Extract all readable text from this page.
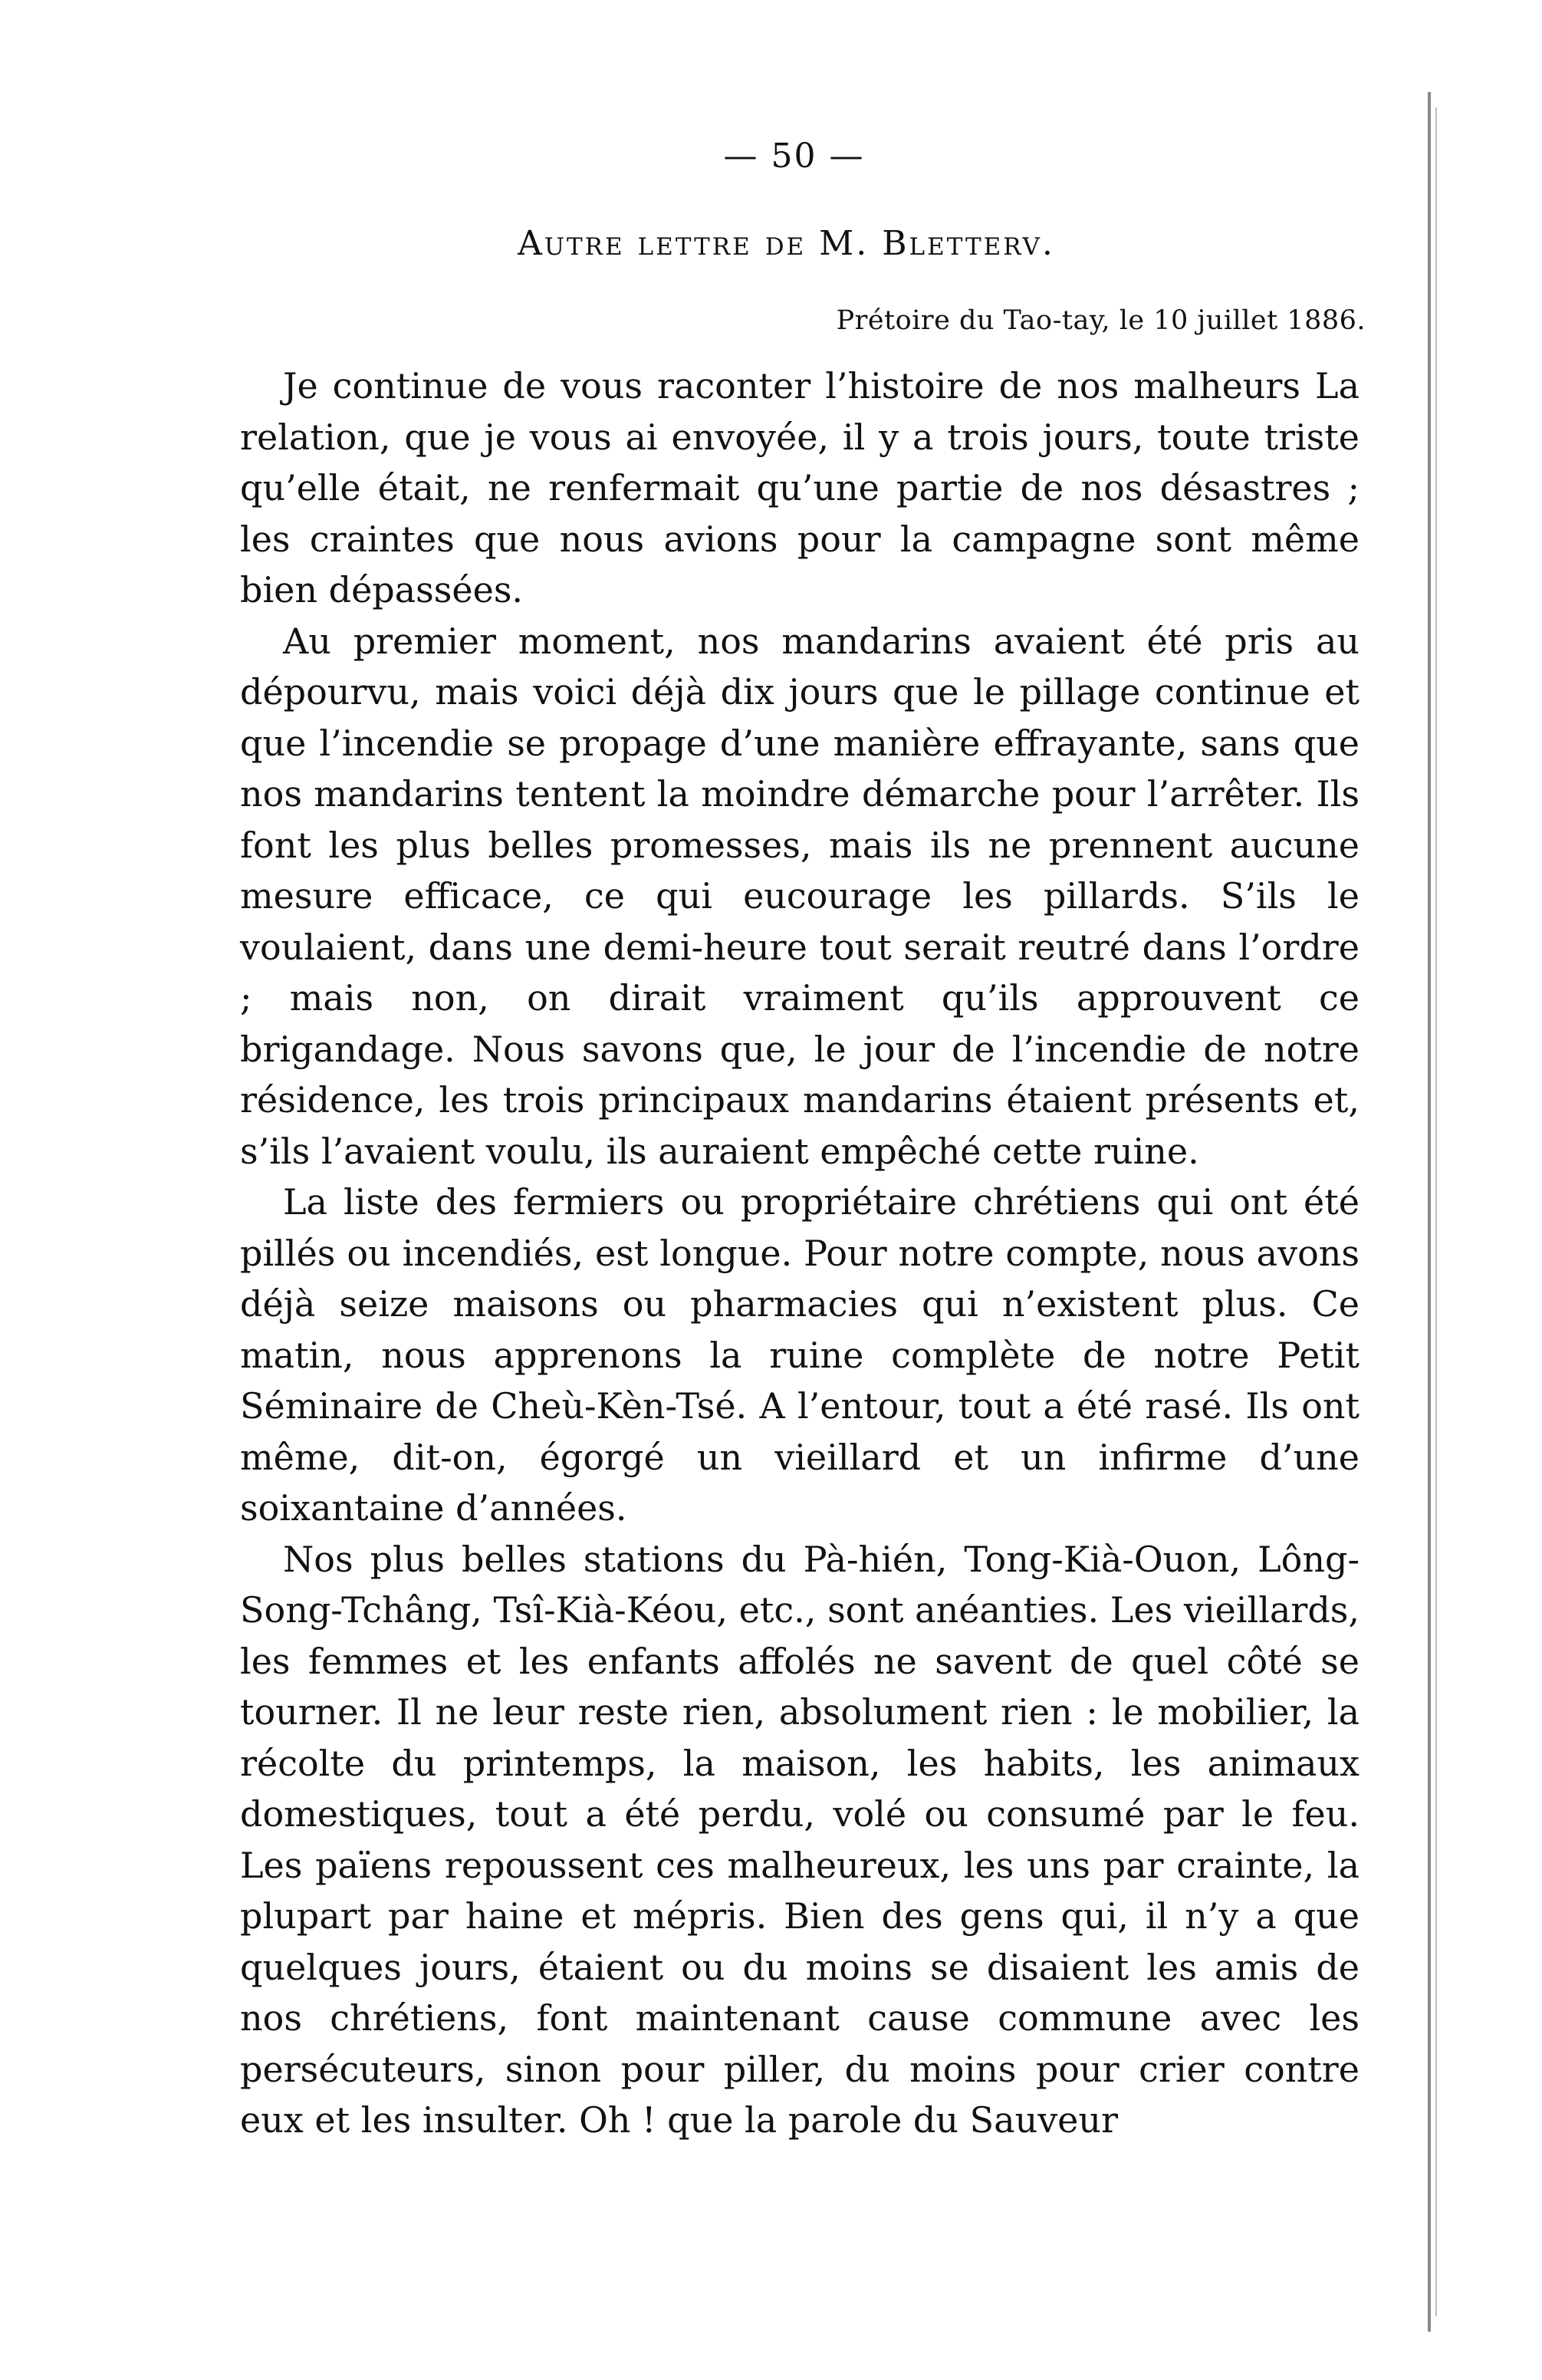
— 50 —
Autre lettre de M. Bletterv.
Prétoire du Tao-tay, le 10 juillet 1886.

Je continue de vous raconter l’histoire de nos malheurs La relation, que je vous ai envoyée, il y a trois jours, toute triste qu’elle était, ne renfermait qu’une partie de nos désastres ; les craintes que nous avions pour la campagne sont même bien dépassées.

Au premier moment, nos mandarins avaient été pris au dépourvu, mais voici déjà dix jours que le pillage continue et que l’incendie se propage d’une manière effrayante, sans que nos mandarins tentent la moindre démarche pour l’arrêter. Ils font les plus belles promesses, mais ils ne prennent aucune mesure efficace, ce qui eucourage les pillards. S’ils le voulaient, dans une demi-heure tout serait reutré dans l’ordre ; mais non, on dirait vraiment qu’ils approuvent ce brigandage. Nous savons que, le jour de l’incendie de notre résidence, les trois principaux mandarins étaient présents et, s’ils l’avaient voulu, ils auraient empêché cette ruine.

La liste des fermiers ou propriétaire chrétiens qui ont été pillés ou incendiés, est longue. Pour notre compte, nous avons déjà seize maisons ou pharmacies qui n’existent plus. Ce matin, nous apprenons la ruine complète de notre Petit Séminaire de Cheù-Kèn-Tsé. A l’entour, tout a été rasé. Ils ont même, dit-on, égorgé un vieillard et un infirme d’une soixantaine d’années.

Nos plus belles stations du Pà-hién, Tong-Kià-Ouon, Lông-Song-Tchâng, Tsî-Kià-Kéou, etc., sont anéanties. Les vieillards, les femmes et les enfants affolés ne savent de quel côté se tourner. Il ne leur reste rien, absolument rien : le mobilier, la récolte du printemps, la maison, les habits, les animaux domestiques, tout a été perdu, volé ou consumé par le feu. Les païens repoussent ces malheureux, les uns par crainte, la plupart par haine et mépris. Bien des gens qui, il n’y a que quelques jours, étaient ou du moins se disaient les amis de nos chrétiens, font maintenant cause commune avec les persécuteurs, sinon pour piller, du moins pour crier contre eux et les insulter. Oh ! que la parole du Sauveur
